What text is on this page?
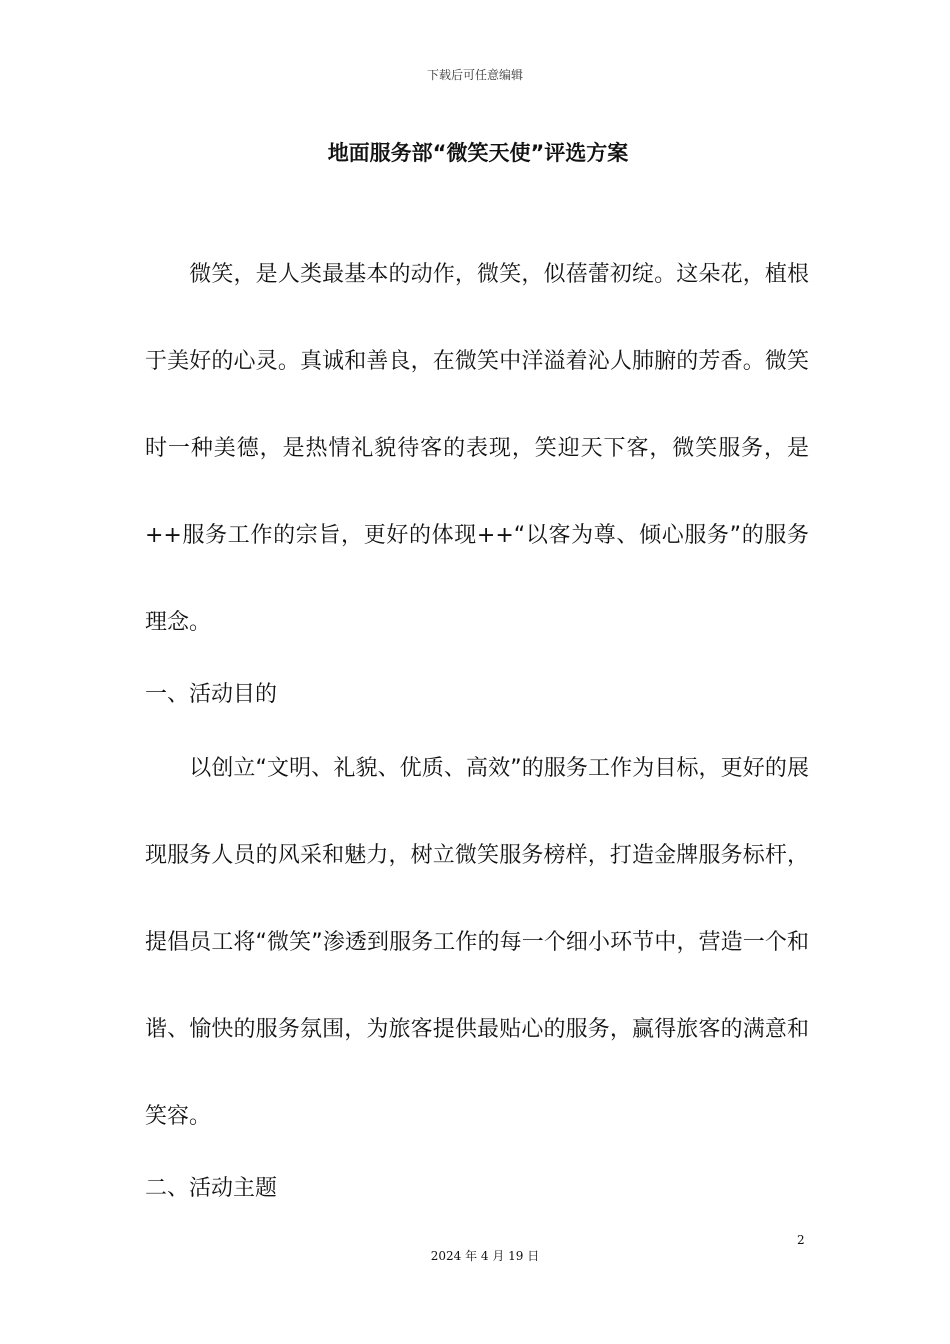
下载后可任意编辑
地面服务部“微笑天使”评选方案

　　微笑，是人类最基本的动作，微笑，似蓓蕾初绽。这朵花，植根于美好的心灵。真诚和善良，在微笑中洋溢着沁人肺腑的芳香。微笑时一种美德，是热情礼貌待客的表现，笑迎天下客，微笑服务，是++服务工作的宗旨，更好的体现++“以客为尊、倾心服务”的服务理念。

一、活动目的

　　以创立“文明、礼貌、优质、高效”的服务工作为目标，更好的展现服务人员的风采和魅力，树立微笑服务榜样，打造金牌服务标杆，提倡员工将“微笑”渗透到服务工作的每一个细小环节中，营造一个和谐、愉快的服务氛围，为旅客提供最贴心的服务，赢得旅客的满意和笑容。

二、活动主题

2
2024 年 4 月 19 日
